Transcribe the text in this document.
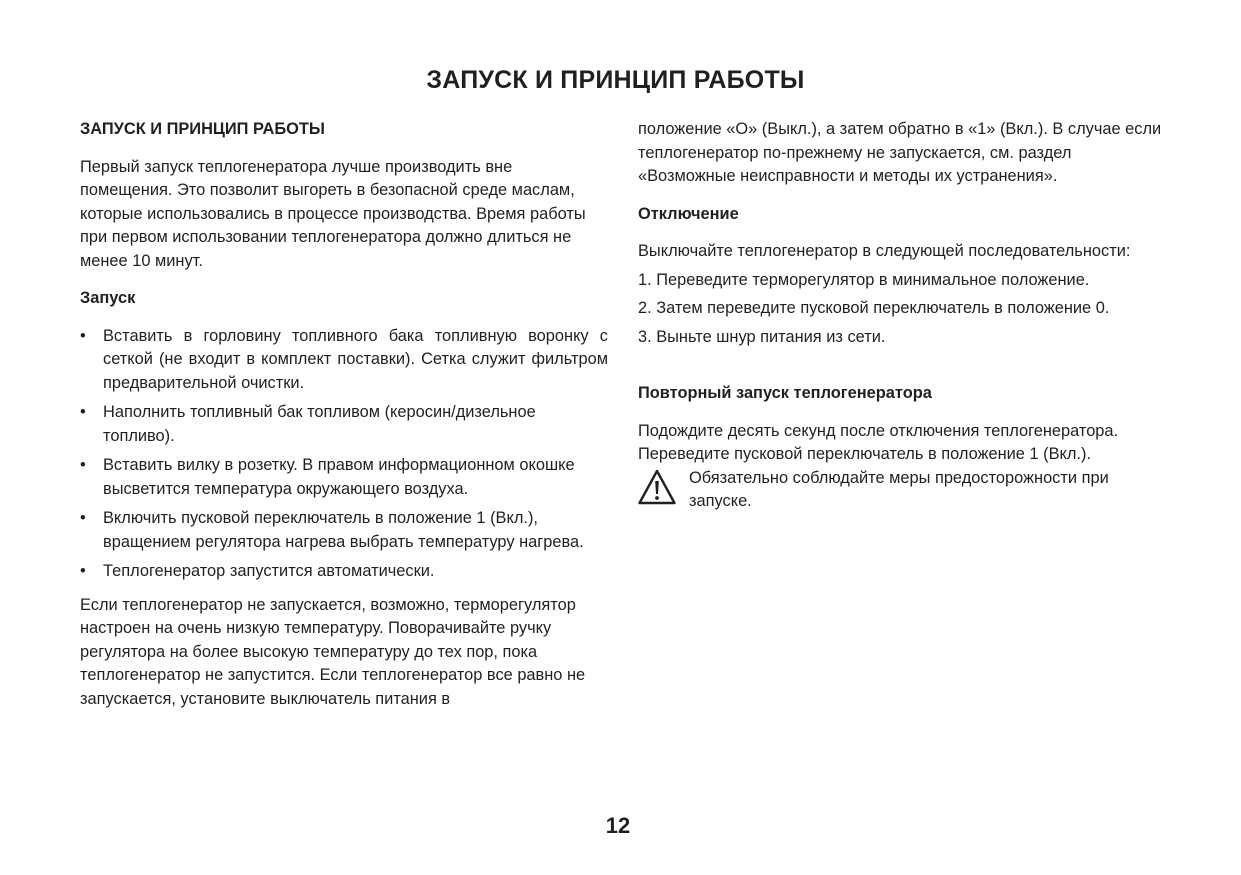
ЗАПУСК И ПРИНЦИП РАБОТЫ

ЗАПУСК И ПРИНЦИП РАБОТЫ

Первый запуск теплогенератора лучше производить вне помещения. Это позволит выгореть в безопасной среде маслам, которые использовались в процессе производства. Время работы при первом использовании теплогенератора должно длиться не менее 10 минут.

Запуск

• Вставить в горловину топливного бака топливную воронку с сеткой (не входит в комплект поставки). Сетка служит фильтром предварительной очистки.
• Наполнить топливный бак топливом (керосин/дизельное топливо).
• Вставить вилку в розетку. В правом информационном окошке высветится температура окружающего воздуха.
• Включить пусковой переключатель в положение 1 (Вкл.), вращением регулятора нагрева выбрать температуру нагрева.
• Теплогенератор запустится автоматически.

Если теплогенератор не запускается, возможно, терморегулятор настроен на очень низкую температуру. Поворачивайте ручку регулятора на более высокую температуру до тех пор, пока теплогенератор не запустится. Если теплогенератор все равно не запускается, установите выключатель питания в

положение «О» (Выкл.), а затем обратно в «1» (Вкл.). В случае если теплогенератор по-прежнему не запускается, см. раздел «Возможные неисправности и методы их устранения».

Отключение

Выключайте теплогенератор в следующей последовательности:

1. Переведите терморегулятор в минимальное положение.
2. Затем переведите пусковой переключатель в положение 0.
3. Выньте шнур питания из сети.

Повторный запуск теплогенератора

Подождите десять секунд после отключения теплогенератора.

Переведите пусковой переключатель в положение 1 (Вкл.).

Обязательно соблюдайте меры предосторожности при запуске.

12
